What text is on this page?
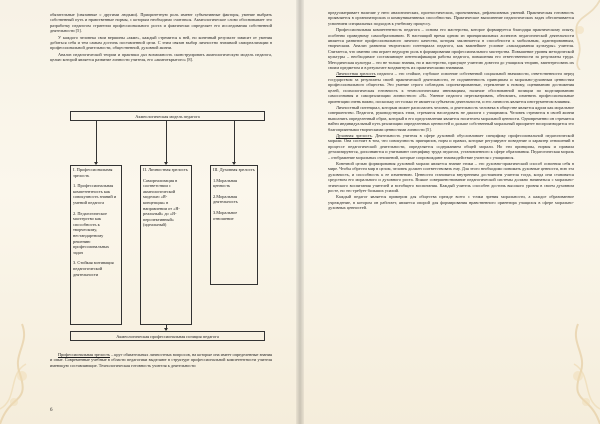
обязательные (связанные с другими людьми). Приоритетную роль имеют субъективные факторы, умение выбрать собственный путь и нравственные нормы, с которым необходимо считаться. Акмеологическое слово обосновывает это разработку педагогом стратегии профессионального роста и фактически определяет его исследования собственной деятельности [5].

У каждого человека свои вершины «акме», каждый стремится к ней, но конечный результат зависит от умения добиться себя и тем самым достичь поставленной цели. С этим связан выбор личностно значимой самореализации в профессиональной деятельности, общественной, духовной жизни.

Анализ педагогической теории и практики дал возможность сконструировать акмеологическую модель педагога, целью которой является развитие личности учителя, его «акмеоткрытого» [8].

Акмеологическая модель педагога

I. Профессиональная зрелость

1. Профессиональная компетентность как совокупность знаний и умений педагога

2. Педагогическое мастерство как способность к творческому, нестандартному решению профессиональных задач

3. Стойкая мотивация педагогической деятельности

II. Личностная зрелость

Самореализация в соответствии с акмеологической моделью «Я-концепция» в направлении от «Я-реальный» до «Я-перспективный» (идеальный)

III. Духовная зрелость

1.Моральная ценность

2.Моральная деятельность

3.Моральное отношение

Акмеологическая профессиональная позиция педагога

Профессиональная зрелость – круг обязательных личностных вопросов, на которые она имеет определенные знания и опыт. Современные учебные в области педагогики выделяют в структуре профессиональной компетентности учителя имеющую составляющие. Технологическая готовность учителя к деятельности

6

предусматривает наличие у него аналитических, прогностических, проективных, рефлексивных умений. Практическая готовность проявляется в организаторских и коммуникативных способностях. Практическое выполнение педагогических задач обеспечивается усвоением специальных подходов к учебному процессу.

Профессиональная компетентность педагога – основа его мастерства, которое формируется благодаря практическому опыту, особенно праведному самообразованию. В настоящий время одним из принципиальных аспектов педагогической деятельности является развитие профессионального личного качества, которая заключается в способности к мобильным, адаптированным, творческим. Анализ развития творческого потенциала педагога, как важнейшее условие «закладывания культуры» учителя. Считается, что именно она играет ведущую роль в формировании профессионального мастерства. Повышение уровня методической культуры – необходимое составляющее интенсификации работы педагога, повышения его ответственности за результаты труда. Методическая культура – это не только знания, но и мастерство, присущее учителю довести до учащихся теорию, заинтересовать их своим предметом и в результате воздвигнуть их практическими знаниями.

Личностная зрелость педагога – это стойкое, глубокое освоение собственной социальной значимости, ответственности перед государством за результаты своей практической деятельности, ее подчиненность принципам и морально-духовным ценностям профессионального общества. Это умение строго соблюдать спроектированные, стремление к новому, оцениванию достижения целей, психологическая готовность к технологическим инновациям, наличие обоснованной позиции по моделированию самосознания и самореализации личностного «Я». Умение педагога пересматривать, обновлять, изменить профессиональные ориентации очень важно, поскольку он только ее является субъектом деятельности, и его личность является инструментом влияния.

Личностный потенциал, которым может располагать человек, и деятельность человека в обществе является ядром как моральное совершенство. Педагоги, руководствуясь этим, стремятся наследовать не диалоги с учащимися. Человек стремится в своей жизни выполнять определенный образ, который в его представлении является носителем моральной ценности. Одновременно он стремится найти индивидуальный путь реализации определенных ценностей и дальше собственный моральный приоритет воспроизводится это благоприятными творческими ценностями личности [5].

Духовная зрелость. Деятельность учителя в сфере духовной обусловливает специфику профессиональной педагогической морали. Она состоит в том, что совокупность принципов, норм и правил, которые регулируют поведение и характер отношений в процессе педагогической деятельности, определяется содержанием общей морали. Но эти принципы, нормы и правила детализируются, дополняются и учитывают специфику труда педагога, установленного к сфере образования. Педагогическая мораль – отображение моральных отношений, которые сопровождают взаимодействие учителя с учащимися.

Конечной целью формирования духовной морали является знание этики – это духовно-практический способ освоения себя в мире. Чтобы обрести мир в целом, человек должен соответствовать ему. Для этого необходимо понимать духовные ценности, всю эта духовность, и способность к ее изменению. Ценности становятся внутренним достоянием учителя тогда, когда они становятся средством его морального и духовного роста. Всякое совершенствование педагогической системы должно начинаться с морально-этического воспитания учителей и всеобщего воспитания. Каждый учитель способен достичь высокого уровня в своем духовном росте, но это требует больших усилий.

Каждый педагог является примером для общества прежде всего с точки зрения моральности, а каждое образованное учреждение, в котором он работает, является опорой для формирования нравственного ориентира учащихся в сфере морально-духовных ценностей.
